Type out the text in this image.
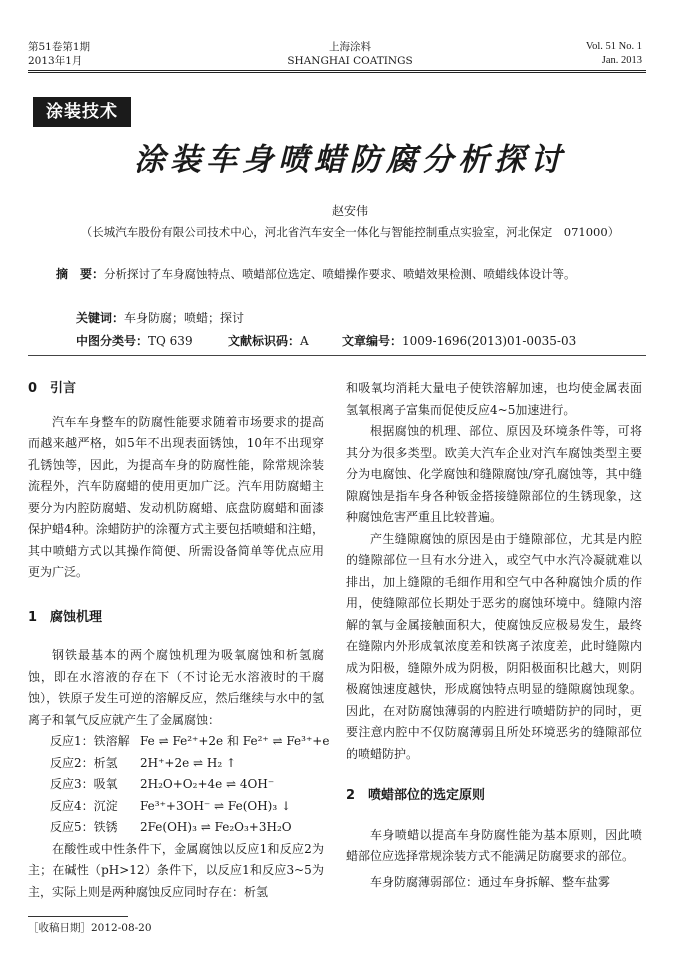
第51卷第1期
2013年1月
上海涂料
SHANGHAI COATINGS
Vol. 51 No. 1
Jan. 2013
涂装技术
涂装车身喷蜡防腐分析探讨
赵安伟
（长城汽车股份有限公司技术中心，河北省汽车安全一体化与智能控制重点实验室，河北保定　071000）
摘　要：分析探讨了车身腐蚀特点、喷蜡部位选定、喷蜡操作要求、喷蜡效果检测、喷蜡线体设计等。
关键词：车身防腐；喷蜡；探讨
中图分类号：TQ 639	文献标识码：A	文章编号：1009-1696(2013)01-0035-03
0　引言

汽车车身整车的防腐性能要求随着市场要求的提高而越来越严格，如5年不出现表面锈蚀，10年不出现穿孔锈蚀等，因此，为提高车身的防腐性能，除常规涂装流程外，汽车防腐蜡的使用更加广泛。汽车用防腐蜡主要分为内腔防腐蜡、发动机防腐蜡、底盘防腐蜡和面漆保护蜡4种。涂蜡防护的涂覆方式主要包括喷蜡和注蜡，其中喷蜡方式以其操作简便、所需设备简单等优点应用更为广泛。

1　腐蚀机理

钢铁最基本的两个腐蚀机理为吸氧腐蚀和析氢腐蚀，即在水溶液的存在下（不讨论无水溶液时的干腐蚀），铁原子发生可逆的溶解反应，然后继续与水中的氢离子和氧气反应就产生了金属腐蚀：

反应1：铁溶解 Fe ⇌ Fe²⁺+2e 和 Fe²⁺ ⇌ Fe³⁺+e
反应2：析氢 2H⁺+2e ⇌ H₂ ↑
反应3：吸氧 2H₂O+O₂+4e ⇌ 4OH⁻
反应4：沉淀 Fe³⁺+3OH⁻ ⇌ Fe(OH)₃ ↓
反应5：铁锈 2Fe(OH)₃ ⇌ Fe₂O₃+3H₂O

在酸性或中性条件下，金属腐蚀以反应1和反应2为主；在碱性（pH>12）条件下，以反应1和反应3~5为主，实际上则是两种腐蚀反应同时存在：析氢

和吸氧均消耗大量电子使铁溶解加速，也均使金属表面氢氧根离子富集而促使反应4~5加速进行。

根据腐蚀的机理、部位、原因及环境条件等，可将其分为很多类型。欧美大汽车企业对汽车腐蚀类型主要分为电腐蚀、化学腐蚀和缝隙腐蚀/穿孔腐蚀等，其中缝隙腐蚀是指车身各种钣金搭接缝隙部位的生锈现象，这种腐蚀危害严重且比较普遍。

产生缝隙腐蚀的原因是由于缝隙部位，尤其是内腔的缝隙部位一旦有水分进入，或空气中水汽冷凝就难以排出，加上缝隙的毛细作用和空气中各种腐蚀介质的作用，使缝隙部位长期处于恶劣的腐蚀环境中。缝隙内溶解的氧与金属接触面积大，使腐蚀反应极易发生，最终在缝隙内外形成氧浓度差和铁离子浓度差，此时缝隙内成为阳极，缝隙外成为阴极，阴阳极面积比越大，则阴极腐蚀速度越快，形成腐蚀特点明显的缝隙腐蚀现象。因此，在对防腐蚀薄弱的内腔进行喷蜡防护的同时，更要注意内腔中不仅防腐薄弱且所处环境恶劣的缝隙部位的喷蜡防护。

2　喷蜡部位的选定原则

车身喷蜡以提高车身防腐性能为基本原则，因此喷蜡部位应选择常规涂装方式不能满足防腐要求的部位。

车身防腐薄弱部位：通过车身拆解、整车盐雾

［收稿日期］2012-08-20
